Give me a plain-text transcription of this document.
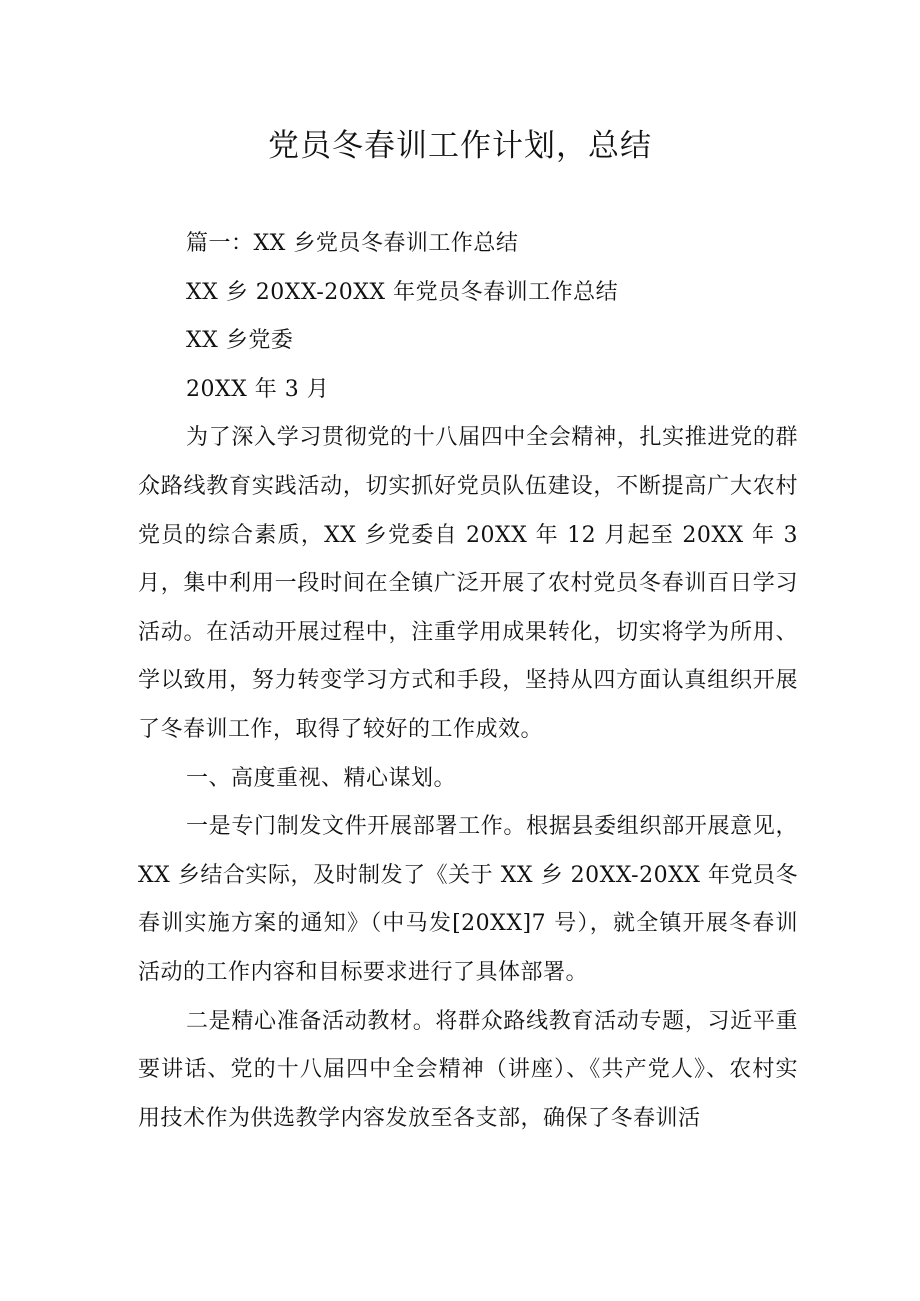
党员冬春训工作计划，总结

篇一：XX 乡党员冬春训工作总结

XX 乡 20XX-20XX 年党员冬春训工作总结

XX 乡党委

20XX 年 3 月

为了深入学习贯彻党的十八届四中全会精神，扎实推进党的群众路线教育实践活动，切实抓好党员队伍建设，不断提高广大农村党员的综合素质，XX 乡党委自 20XX 年 12 月起至 20XX 年 3 月，集中利用一段时间在全镇广泛开展了农村党员冬春训百日学习活动。在活动开展过程中，注重学用成果转化，切实将学为所用、学以致用，努力转变学习方式和手段，坚持从四方面认真组织开展了冬春训工作，取得了较好的工作成效。

一、高度重视、精心谋划。

一是专门制发文件开展部署工作。根据县委组织部开展意见，XX 乡结合实际，及时制发了《关于 XX 乡 20XX-20XX 年党员冬春训实施方案的通知》（中马发[20XX]7 号），就全镇开展冬春训活动的工作内容和目标要求进行了具体部署。

二是精心准备活动教材。将群众路线教育活动专题，习近平重要讲话、党的十八届四中全会精神（讲座）、《共产党人》、农村实用技术作为供选教学内容发放至各支部，确保了冬春训活
